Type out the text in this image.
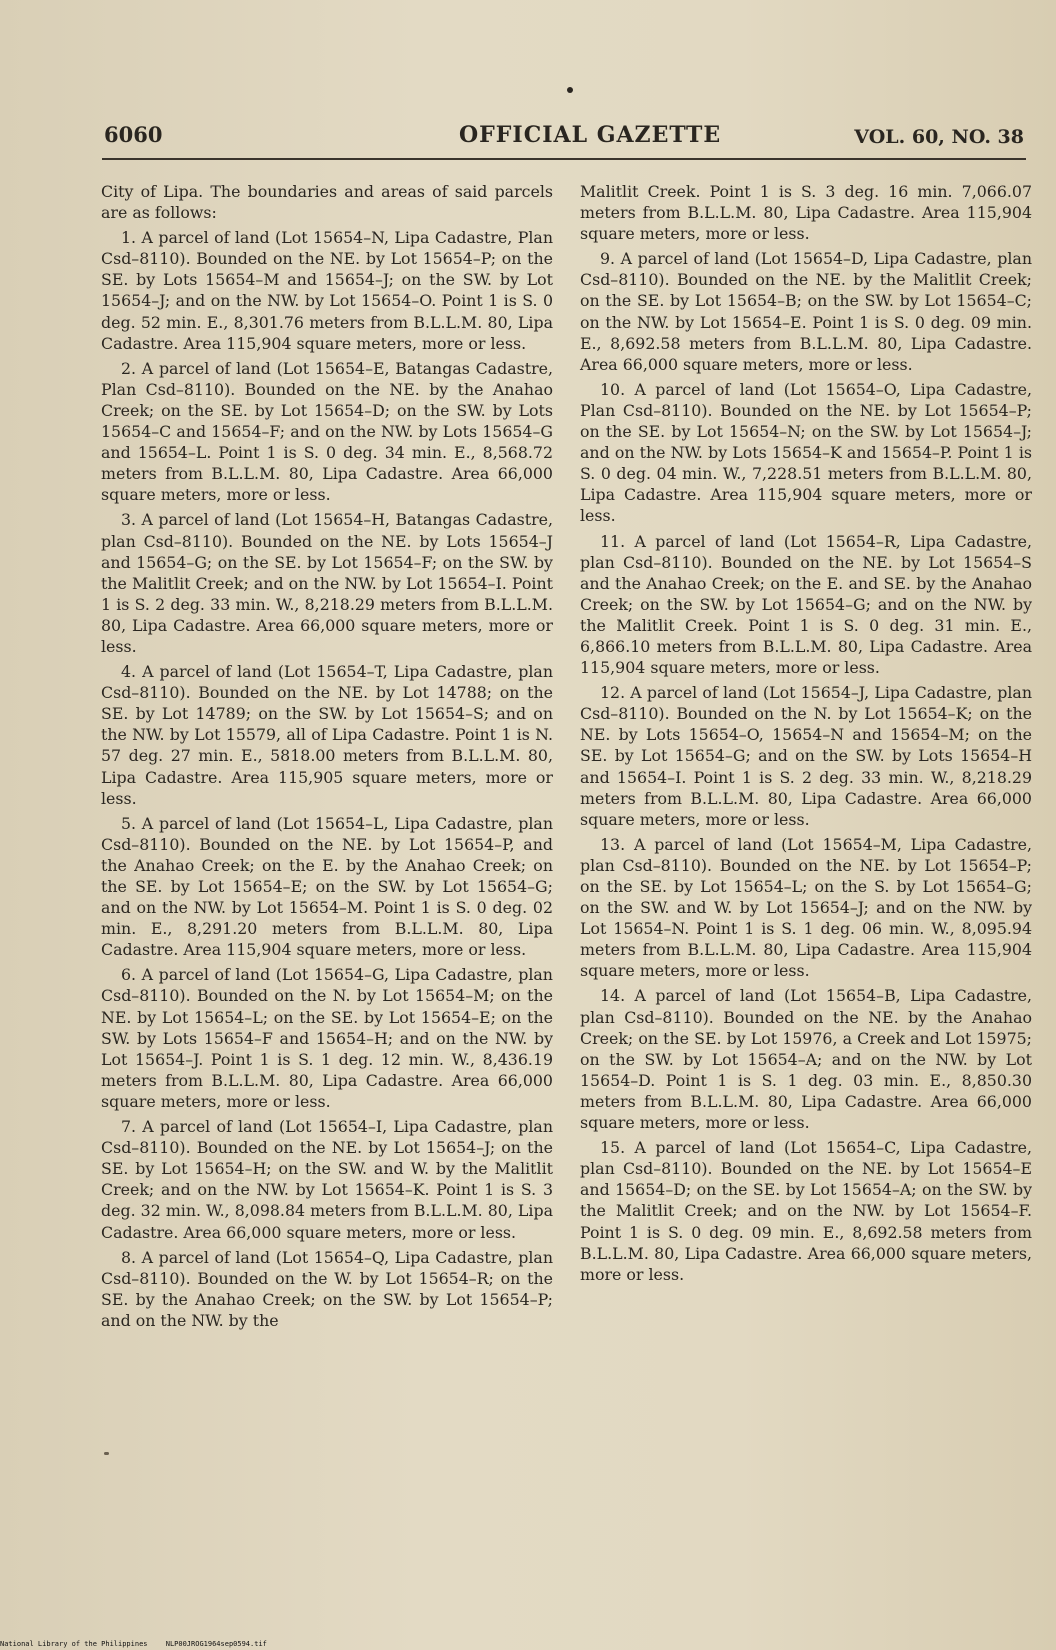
6060	OFFICIAL GAZETTE	VOL. 60, NO. 38

City of Lipa. The boundaries and areas of said parcels are as follows:

1. A parcel of land (Lot 15654–N, Lipa Cadastre, Plan Csd–8110). Bounded on the NE. by Lot 15654–P; on the SE. by Lots 15654–M and 15654–J; on the SW. by Lot 15654–J; and on the NW. by Lot 15654–O. Point 1 is S. 0 deg. 52 min. E., 8,301.76 meters from B.L.L.M. 80, Lipa Cadastre. Area 115,904 square meters, more or less.

2. A parcel of land (Lot 15654–E, Batangas Cadastre, Plan Csd–8110). Bounded on the NE. by the Anahao Creek; on the SE. by Lot 15654–D; on the SW. by Lots 15654–C and 15654–F; and on the NW. by Lots 15654–G and 15654–L. Point 1 is S. 0 deg. 34 min. E., 8,568.72 meters from B.L.L.M. 80, Lipa Cadastre. Area 66,000 square meters, more or less.

3. A parcel of land (Lot 15654–H, Batangas Cadastre, plan Csd–8110). Bounded on the NE. by Lots 15654–J and 15654–G; on the SE. by Lot 15654–F; on the SW. by the Malitlit Creek; and on the NW. by Lot 15654–I. Point 1 is S. 2 deg. 33 min. W., 8,218.29 meters from B.L.L.M. 80, Lipa Cadastre. Area 66,000 square meters, more or less.

4. A parcel of land (Lot 15654–T, Lipa Cadastre, plan Csd–8110). Bounded on the NE. by Lot 14788; on the SE. by Lot 14789; on the SW. by Lot 15654–S; and on the NW. by Lot 15579, all of Lipa Cadastre. Point 1 is N. 57 deg. 27 min. E., 5818.00 meters from B.L.L.M. 80, Lipa Cadastre. Area 115,905 square meters, more or less.

5. A parcel of land (Lot 15654–L, Lipa Cadastre, plan Csd–8110). Bounded on the NE. by Lot 15654–P, and the Anahao Creek; on the E. by the Anahao Creek; on the SE. by Lot 15654–E; on the SW. by Lot 15654–G; and on the NW. by Lot 15654–M. Point 1 is S. 0 deg. 02 min. E., 8,291.20 meters from B.L.L.M. 80, Lipa Cadastre. Area 115,904 square meters, more or less.

6. A parcel of land (Lot 15654–G, Lipa Cadastre, plan Csd–8110). Bounded on the N. by Lot 15654–M; on the NE. by Lot 15654–L; on the SE. by Lot 15654–E; on the SW. by Lots 15654–F and 15654–H; and on the NW. by Lot 15654–J. Point 1 is S. 1 deg. 12 min. W., 8,436.19 meters from B.L.L.M. 80, Lipa Cadastre. Area 66,000 square meters, more or less.

7. A parcel of land (Lot 15654–I, Lipa Cadastre, plan Csd–8110). Bounded on the NE. by Lot 15654–J; on the SE. by Lot 15654–H; on the SW. and W. by the Malitlit Creek; and on the NW. by Lot 15654–K. Point 1 is S. 3 deg. 32 min. W., 8,098.84 meters from B.L.L.M. 80, Lipa Cadastre. Area 66,000 square meters, more or less.

8. A parcel of land (Lot 15654–Q, Lipa Cadastre, plan Csd–8110). Bounded on the W. by Lot 15654–R; on the SE. by the Anahao Creek; on the SW. by Lot 15654–P; and on the NW. by the

Malitlit Creek. Point 1 is S. 3 deg. 16 min. 7,066.07 meters from B.L.L.M. 80, Lipa Cadastre. Area 115,904 square meters, more or less.

9. A parcel of land (Lot 15654–D, Lipa Cadastre, plan Csd–8110). Bounded on the NE. by the Malitlit Creek; on the SE. by Lot 15654–B; on the SW. by Lot 15654–C; on the NW. by Lot 15654–E. Point 1 is S. 0 deg. 09 min. E., 8,692.58 meters from B.L.L.M. 80, Lipa Cadastre. Area 66,000 square meters, more or less.

10. A parcel of land (Lot 15654–O, Lipa Cadastre, Plan Csd–8110). Bounded on the NE. by Lot 15654–P; on the SE. by Lot 15654–N; on the SW. by Lot 15654–J; and on the NW. by Lots 15654–K and 15654–P. Point 1 is S. 0 deg. 04 min. W., 7,228.51 meters from B.L.L.M. 80, Lipa Cadastre. Area 115,904 square meters, more or less.

11. A parcel of land (Lot 15654–R, Lipa Cadastre, plan Csd–8110). Bounded on the NE. by Lot 15654–S and the Anahao Creek; on the E. and SE. by the Anahao Creek; on the SW. by Lot 15654–G; and on the NW. by the Malitlit Creek. Point 1 is S. 0 deg. 31 min. E., 6,866.10 meters from B.L.L.M. 80, Lipa Cadastre. Area 115,904 square meters, more or less.

12. A parcel of land (Lot 15654–J, Lipa Cadastre, plan Csd–8110). Bounded on the N. by Lot 15654–K; on the NE. by Lots 15654–O, 15654–N and 15654–M; on the SE. by Lot 15654–G; and on the SW. by Lots 15654–H and 15654–I. Point 1 is S. 2 deg. 33 min. W., 8,218.29 meters from B.L.L.M. 80, Lipa Cadastre. Area 66,000 square meters, more or less.

13. A parcel of land (Lot 15654–M, Lipa Cadastre, plan Csd–8110). Bounded on the NE. by Lot 15654–P; on the SE. by Lot 15654–L; on the S. by Lot 15654–G; on the SW. and W. by Lot 15654–J; and on the NW. by Lot 15654–N. Point 1 is S. 1 deg. 06 min. W., 8,095.94 meters from B.L.L.M. 80, Lipa Cadastre. Area 115,904 square meters, more or less.

14. A parcel of land (Lot 15654–B, Lipa Cadastre, plan Csd–8110). Bounded on the NE. by the Anahao Creek; on the SE. by Lot 15976, a Creek and Lot 15975; on the SW. by Lot 15654–A; and on the NW. by Lot 15654–D. Point 1 is S. 1 deg. 03 min. E., 8,850.30 meters from B.L.L.M. 80, Lipa Cadastre. Area 66,000 square meters, more or less.

15. A parcel of land (Lot 15654–C, Lipa Cadastre, plan Csd–8110). Bounded on the NE. by Lot 15654–E and 15654–D; on the SE. by Lot 15654–A; on the SW. by the Malitlit Creek; and on the NW. by Lot 15654–F. Point 1 is S. 0 deg. 09 min. E., 8,692.58 meters from B.L.L.M. 80, Lipa Cadastre. Area 66,000 square meters, more or less.

National Library of the Philippines	NLP00JROG1964sep0594.tif
